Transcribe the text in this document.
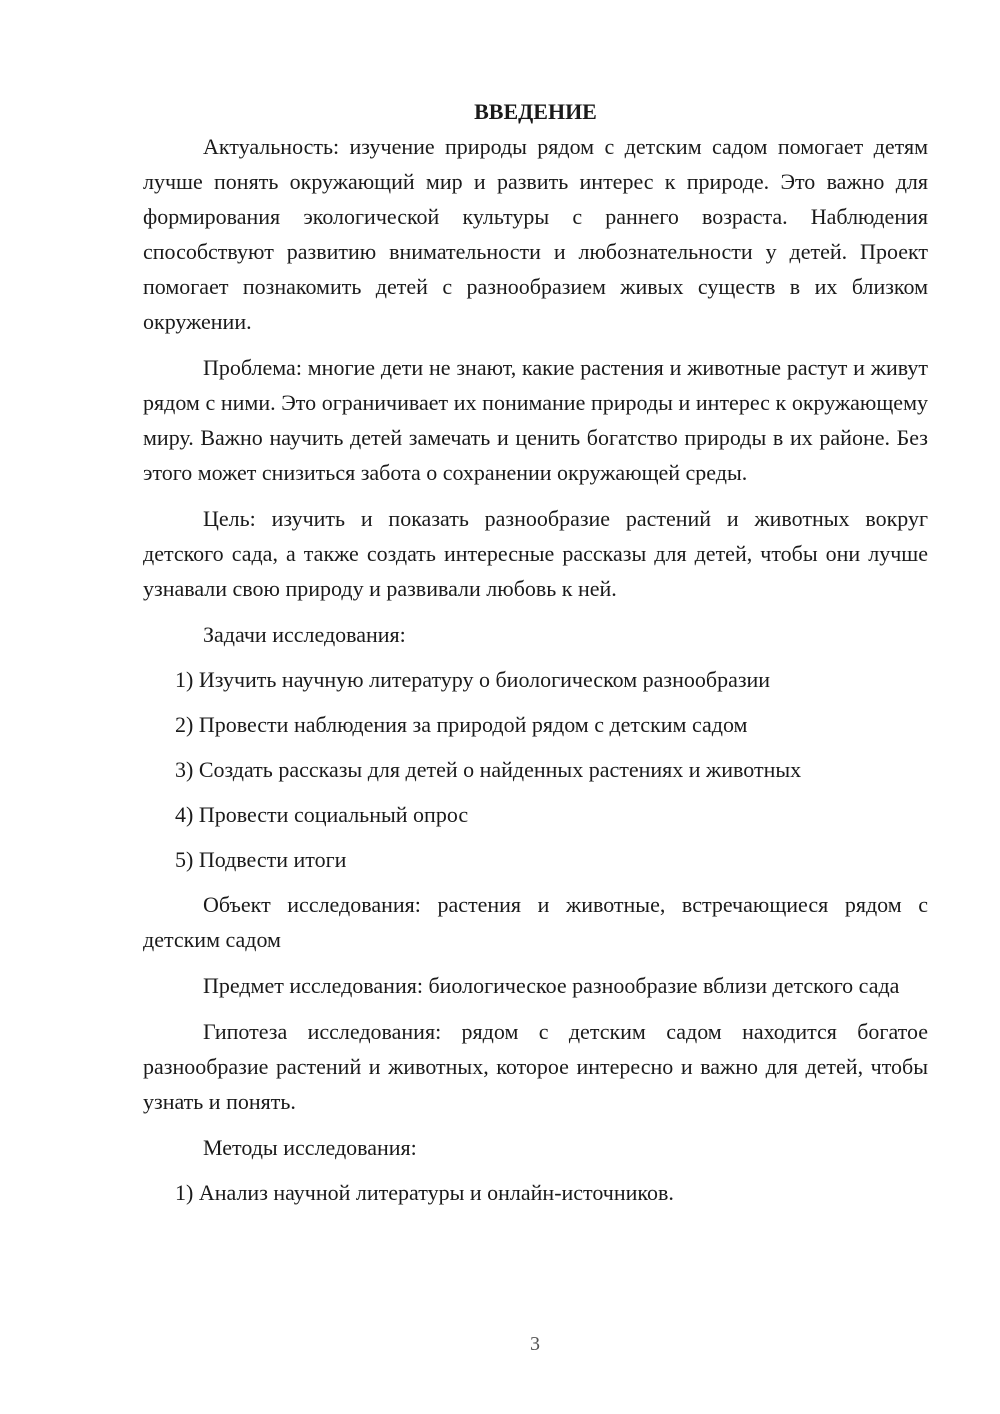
ВВЕДЕНИЕ

Актуальность: изучение природы рядом с детским садом помогает детям лучше понять окружающий мир и развить интерес к природе. Это важно для формирования экологической культуры с раннего возраста. Наблюдения способствуют развитию внимательности и любознательности у детей. Проект помогает познакомить детей с разнообразием живых существ в их близком окружении.

Проблема: многие дети не знают, какие растения и животные растут и живут рядом с ними. Это ограничивает их понимание природы и интерес к окружающему миру. Важно научить детей замечать и ценить богатство природы в их районе. Без этого может снизиться забота о сохранении окружающей среды.

Цель: изучить и показать разнообразие растений и животных вокруг детского сада, а также создать интересные рассказы для детей, чтобы они лучше узнавали свою природу и развивали любовь к ней.

Задачи исследования:

1) Изучить научную литературу о биологическом разнообразии
2) Провести наблюдения за природой рядом с детским садом
3) Создать рассказы для детей о найденных растениях и животных
4) Провести социальный опрос
5) Подвести итоги

Объект исследования: растения и животные, встречающиеся рядом с детским садом

Предмет исследования: биологическое разнообразие вблизи детского сада

Гипотеза исследования: рядом с детским садом находится богатое разнообразие растений и животных, которое интересно и важно для детей, чтобы узнать и понять.

Методы исследования:

1) Анализ научной литературы и онлайн-источников.
3
